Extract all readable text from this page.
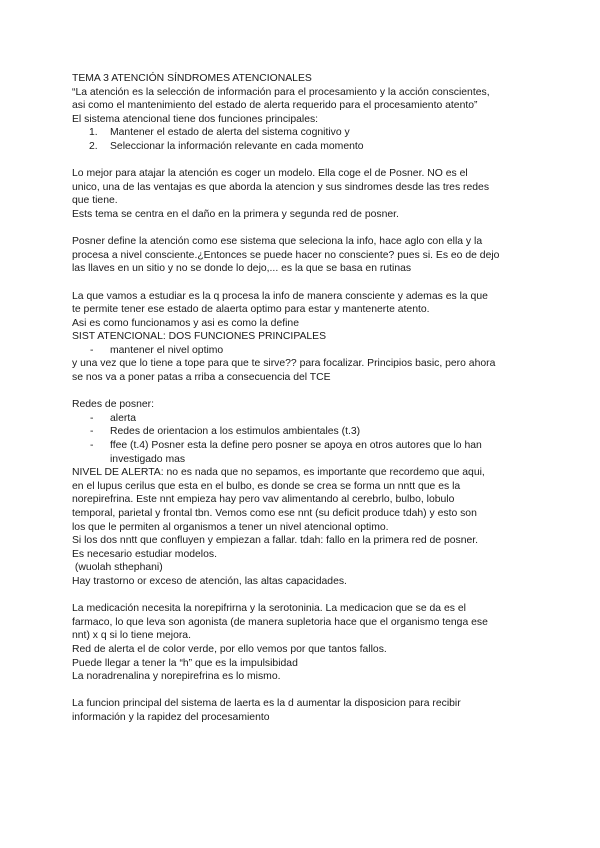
TEMA 3 ATENCIÓN SÍNDROMES ATENCIONALES
“La atención es la selección de información para el procesamiento y la acción conscientes,
asi como el mantenimiento del estado de alerta requerido para el procesamiento atento”
El sistema atencional tiene dos funciones principales:
1. Mantener el estado de alerta del sistema cognitivo y
2. Seleccionar la información relevante en cada momento
Lo mejor para atajar la atención es coger un modelo. Ella coge el de Posner. NO es el
unico, una de las ventajas es que aborda la atencion y sus sindromes desde las tres redes
que tiene.
Ests tema se centra en el daño en la primera y segunda red de posner.
Posner define la atención como ese sistema que seleciona la info, hace aglo con ella y la
procesa a nivel consciente.¿Entonces se puede hacer no consciente? pues si. Es eo de dejo
las llaves en un sitio y no se donde lo dejo,... es la que se basa en rutinas
La que vamos a estudiar es la q procesa la info de manera consciente y ademas es la que
te permite tener ese estado de alaerta optimo para estar y mantenerte atento.
Asi es como funcionamos y asi es como la define
SIST ATENCIONAL: DOS FUNCIONES PRINCIPALES
- mantener el nivel optimo
y una vez que lo tiene a tope para que te sirve?? para focalizar. Principios basic, pero ahora
se nos va a poner patas a rriba a consecuencia del TCE
Redes de posner:
- alerta
- Redes de orientacion a los estimulos ambientales (t.3)
- ffee (t.4) Posner esta la define pero posner se apoya en otros autores que lo han
investigado mas
NIVEL DE ALERTA: no es nada que no sepamos, es importante que recordemo que aqui,
en el lupus cerilus que esta en el bulbo, es donde se crea se forma un nntt que es la
norepirefrina. Este nnt empieza hay pero vav alimentando al cerebrlo, bulbo, lobulo
temporal, parietal y frontal tbn. Vemos como ese nnt (su deficit produce tdah) y esto son
los que le permiten al organismos a tener un nivel atencional optimo.
Si los dos nntt que confluyen y empiezan a fallar. tdah: fallo en la primera red de posner.
Es necesario estudiar modelos.
(wuolah sthephani)
Hay trastorno or exceso de atención, las altas capacidades.
La medicación necesita la norepifrirna y la serotoninia. La medicacion que se da es el
farmaco, lo que leva son agonista (de manera supletoria hace que el organismo tenga ese
nnt) x q si lo tiene mejora.
Red de alerta el de color verde, por ello vemos por que tantos fallos.
Puede llegar a tener la “h” que es la impulsibidad
La noradrenalina y norepirefrina es lo mismo.
La funcion principal del sistema de laerta es la d aumentar la disposicion para recibir
información y la rapidez del procesamiento
